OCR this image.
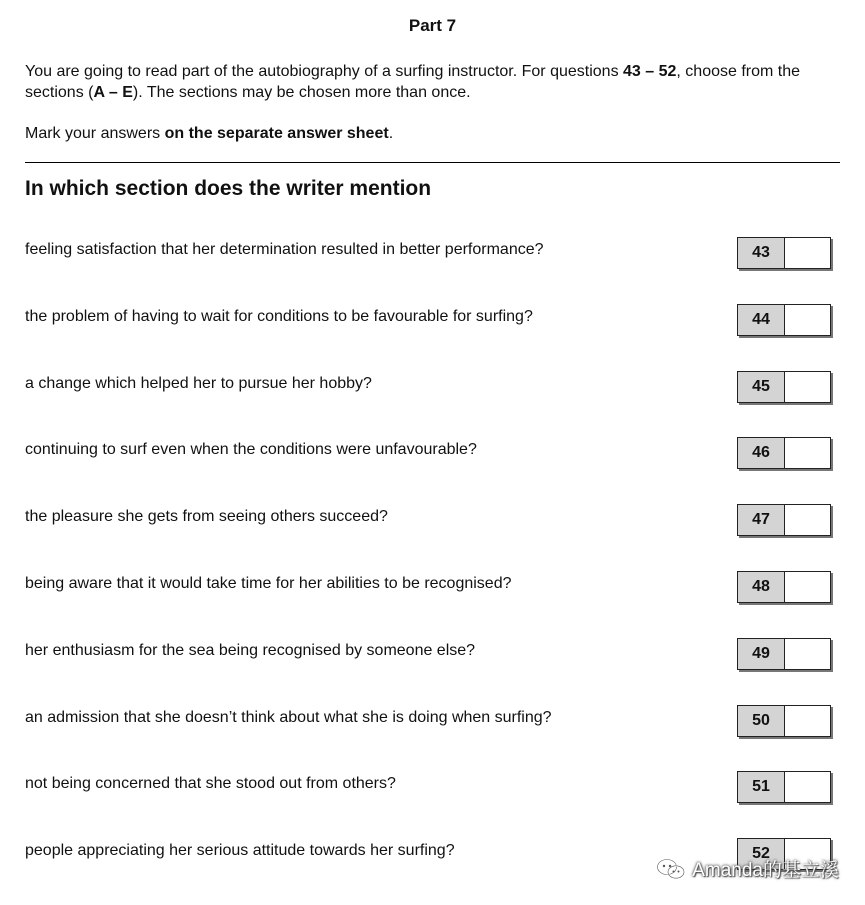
Part 7

You are going to read part of the autobiography of a surfing instructor. For questions 43 – 52, choose from the sections (A – E). The sections may be chosen more than once.

Mark your answers on the separate answer sheet.
In which section does the writer mention
feeling satisfaction that her determination resulted in better performance?	43
the problem of having to wait for conditions to be favourable for surfing?	44
a change which helped her to pursue her hobby?	45
continuing to surf even when the conditions were unfavourable?	46
the pleasure she gets from seeing others succeed?	47
being aware that it would take time for her abilities to be recognised?	48
her enthusiasm for the sea being recognised by someone else?	49
an admission that she doesn’t think about what she is doing when surfing?	50
not being concerned that she stood out from others?	51
people appreciating her serious attitude towards her surfing?	52
Amanda的基立溪
